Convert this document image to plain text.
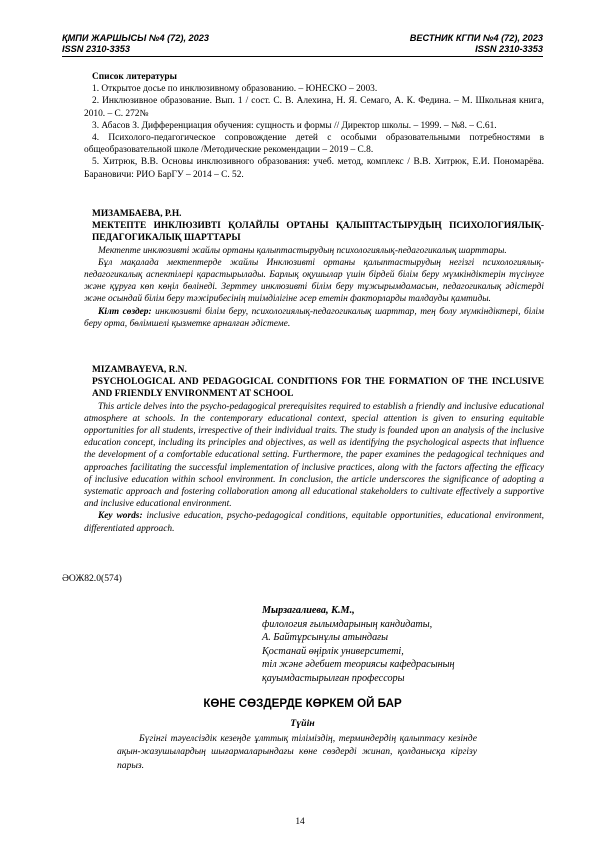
ҚМПИ ЖАРШЫСЫ №4 (72), 2023
ISSN 2310-3353
ВЕСТНИК КГПИ №4 (72), 2023
ISSN 2310-3353

Список литературы

1. Открытое досье по инклюзивному образованию. – ЮНЕСКО – 2003.

2. Инклюзивное образование. Вып. 1 / сост. С. В. Алехина, Н. Я. Семаго, А. К. Федина. – М. Школьная книга, 2010. – С. 272№

3. Абасов З. Дифференциация обучения: сущность и формы // Директор школы. – 1999. – №8. – С.61.

4. Психолого-педагогическое сопровождение детей с особыми образовательными потребностями в общеобразовательной школе /Методические рекомендации – 2019 – С.8.

5. Хитрюк, В.В. Основы инклюзивного образования: учеб. метод, комплекс / В.В. Хитрюк, Е.И. Пономарёва. Барановичи: РИО БарГУ – 2014 – С. 52.

МИЗАМБАЕВА, Р.Н.

МЕКТЕПТЕ ИНКЛЮЗИВТІ ҚОЛАЙЛЫ ОРТАНЫ ҚАЛЫПТАСТЫРУДЫҢ ПСИХОЛОГИЯЛЫҚ-ПЕДАГОГИКАЛЫҚ ШАРТТАРЫ

Мектепте инклюзивті жайлы ортаны қалыптастырудың психологиялық-педагогикалық шарттары.

Бұл мақалада мектептерде жайлы Инклюзивті ортаны қалыптастырудың негізгі психологиялық-педагогикалық аспектілері қарастырылады. Барлық оқушылар үшін бірдей білім беру мүмкіндіктерін түсінуге және құруға көп көңіл бөлінеді. Зерттеу инклюзивті білім беру тұжырымдамасын, педагогикалық әдістерді және осындай білім беру тәжірибесінің тиімділігіне әсер ететін факторларды талдауды қамтиды.

Кілт сөздер: инклюзивті білім беру, психологиялық-педагогикалық шарттар, тең болу мүмкіндіктері, білім беру орта, бөлімшелі қызметке арналған әдістеме.

MIZAMBAYEVA, R.N.

PSYCHOLOGICAL AND PEDAGOGICAL CONDITIONS FOR THE FORMATION OF THE INCLUSIVE AND FRIENDLY ENVIRONMENT AT SCHOOL

This article delves into the psycho-pedagogical prerequisites required to establish a friendly and inclusive educational atmosphere at schools. In the contemporary educational context, special attention is given to ensuring equitable opportunities for all students, irrespective of their individual traits. The study is founded upon an analysis of the inclusive education concept, including its principles and objectives, as well as identifying the psychological aspects that influence the development of a comfortable educational setting. Furthermore, the paper examines the pedagogical techniques and approaches facilitating the successful implementation of inclusive practices, along with the factors affecting the efficacy of inclusive education within school environment. In conclusion, the article underscores the significance of adopting a systematic approach and fostering collaboration among all educational stakeholders to cultivate effectively a supportive and inclusive educational environment.

Key words: inclusive education, psycho-pedagogical conditions, equitable opportunities, educational environment, differentiated approach.

ӘОЖ82.0(574)
Мырзагалиева, К.М.,
филология ғылымдарының кандидаты,
А. Байтұрсынұлы атындағы
Қостанай өңірлік университеті,
тіл және әдебиет теориясы кафедрасының
қауымдастырылған профессоры
КӨНЕ СӨЗДЕРДЕ КӨРКЕМ ОЙ БАР
Түйін
Бүгінгі тәуелсіздік кезеңде ұлттық тіліміздің, терминдердің қалыптасу кезінде ақын-жазушылардың шығармаларындағы көне сөздерді жинап, қолданысқа кіргізу парыз.
14
